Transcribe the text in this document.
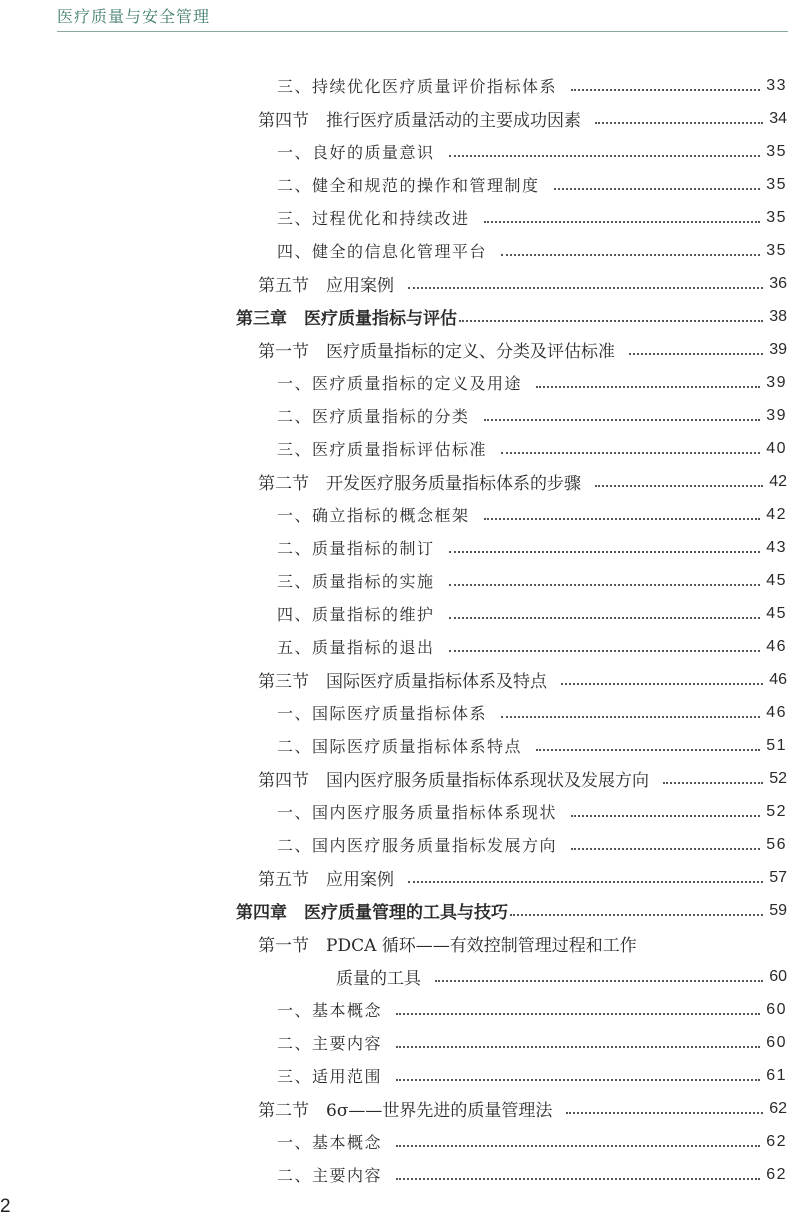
医疗质量与安全管理
三、持续优化医疗质量评价指标体系	33
第四节　推行医疗质量活动的主要成功因素	34
一、良好的质量意识	35
二、健全和规范的操作和管理制度	35
三、过程优化和持续改进	35
四、健全的信息化管理平台	35
第五节　应用案例	36
第三章　医疗质量指标与评估	38
第一节　医疗质量指标的定义、分类及评估标准	39
一、医疗质量指标的定义及用途	39
二、医疗质量指标的分类	39
三、医疗质量指标评估标准	40
第二节　开发医疗服务质量指标体系的步骤	42
一、确立指标的概念框架	42
二、质量指标的制订	43
三、质量指标的实施	45
四、质量指标的维护	45
五、质量指标的退出	46
第三节　国际医疗质量指标体系及特点	46
一、国际医疗质量指标体系	46
二、国际医疗质量指标体系特点	51
第四节　国内医疗服务质量指标体系现状及发展方向	52
一、国内医疗服务质量指标体系现状	52
二、国内医疗服务质量指标发展方向	56
第五节　应用案例	57
第四章　医疗质量管理的工具与技巧	59
第一节　PDCA 循环——有效控制管理过程和工作
质量的工具	60
一、基本概念	60
二、主要内容	60
三、适用范围	61
第二节　6σ——世界先进的质量管理法	62
一、基本概念	62
二、主要内容	62
2
